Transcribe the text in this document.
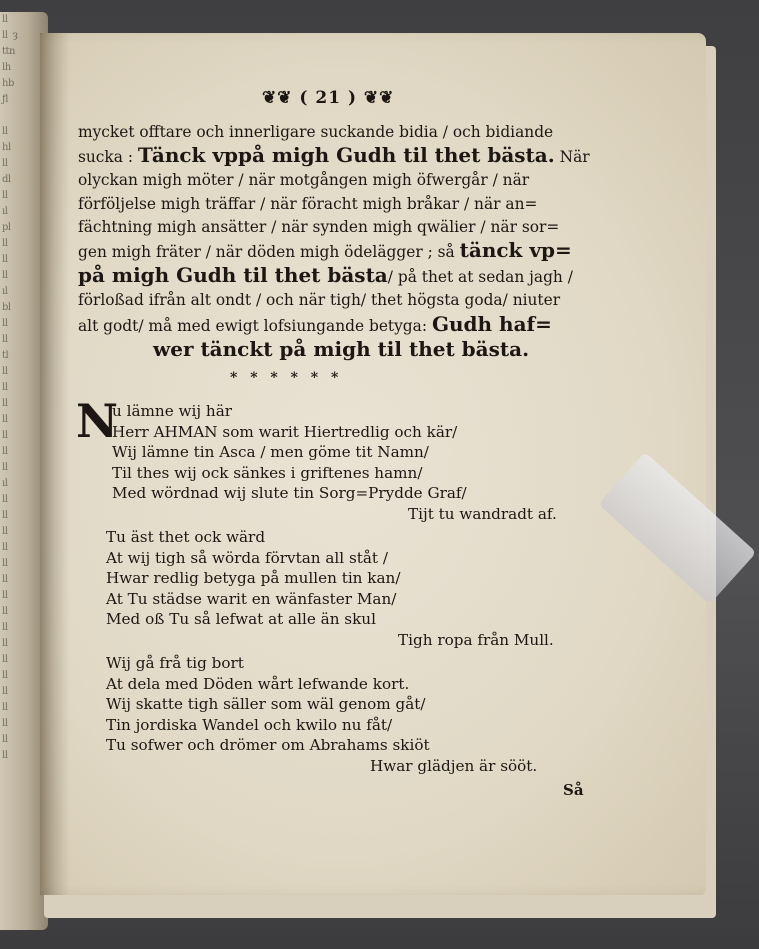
ll
ll  ȝ
ttn
lh
hb
ƒl

ll
hl
ll
dl
ll
ıl
pl
ll
ll
ll
ıl
bl
ll
ll
tl
ll
ll
ll
ll
ll
ll
ll
ıl
ll
ll
ll
ll
ll
ll
ll
ll
ll
ll
ll
ll
ll
ll
ll
ll
ll
❦❦ ( 21 ) ❦❦
mycket offtare och innerligare suckande bidia / och bidiande
sucka : Tänck vppå migh Gudh til thet bästa. När
olyckan migh möter / när motgången migh öfwergår / när
förföljelse migh träffar / när föracht migh bråkar / när an=
fächtning migh ansätter / när synden migh qwälier / när sor=
gen migh fräter / när döden migh ödelägger ; så tänck vp=
på migh Gudh til thet bästa/ på thet at sedan jagh /
förloßad ifrån alt ondt / och när tigh/ thet högsta goda/ niuter
alt godt/ må med ewigt lofsiungande betyga: Gudh haf=
wer tänckt på migh til thet bästa.
* * * * * *
N
u lämne wij här
Herr AHMAN som warit Hiertredlig och kär/
Wij lämne tin Asca / men göme tit Namn/
Til thes wij ock sänkes i griftenes hamn/
Med wördnad wij slute tin Sorg=Prydde Graf/
Tijt tu wandradt af.
Tu äst thet ock wärd
At wij tigh så wörda förvtan all ståt /
Hwar redlig betyga på mullen tin kan/
At Tu städse warit en wänfaster Man/
Med oß Tu så lefwat at alle än skul
Tigh ropa från Mull.
Wij gå frå tig bort
At dela med Döden wårt lefwande kort.
Wij skatte tigh säller som wäl genom gåt/
Tin jordiska Wandel och kwilo nu fåt/
Tu sofwer och drömer om Abrahams skiöt
Hwar glädjen är sööt.
Så
